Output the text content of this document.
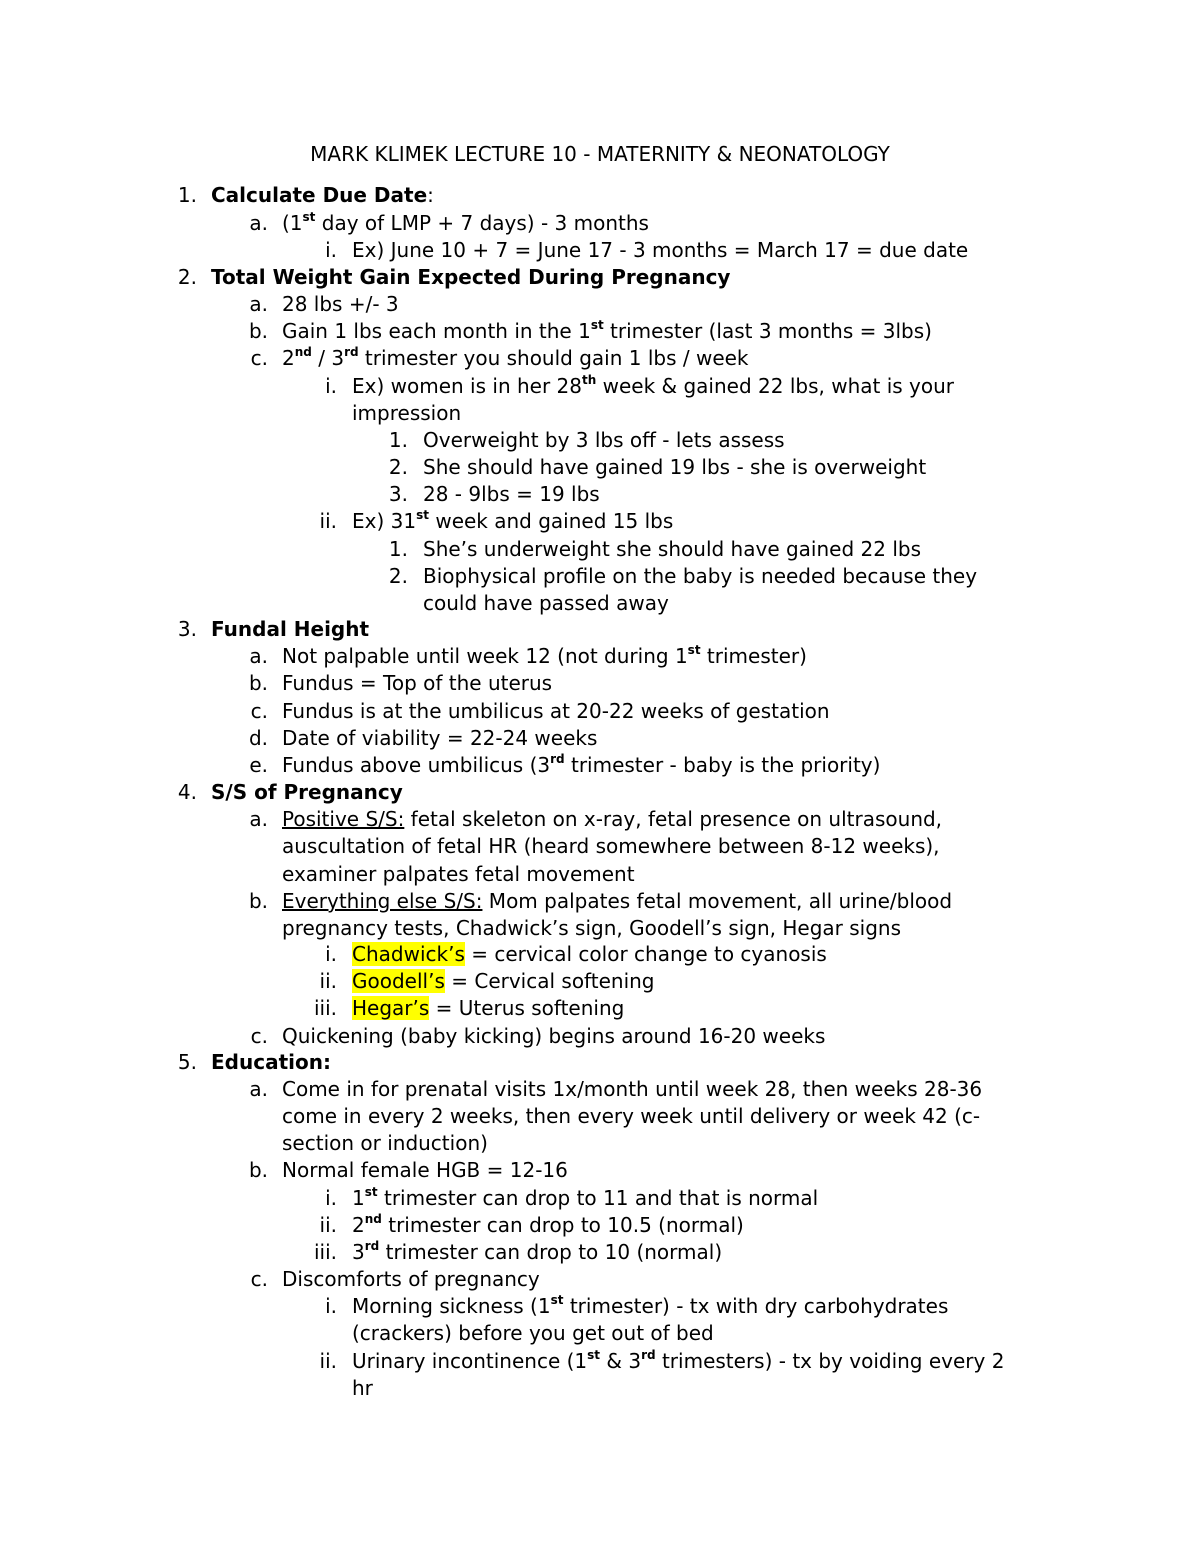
MARK KLIMEK LECTURE 10 - MATERNITY & NEONATOLOGY
1. Calculate Due Date:
a. (1st day of LMP + 7 days) - 3 months
i. Ex) June 10 + 7 = June 17 - 3 months = March 17 = due date
2. Total Weight Gain Expected During Pregnancy
a. 28 lbs +/- 3
b. Gain 1 lbs each month in the 1st trimester (last 3 months = 3lbs)
c. 2nd / 3rd trimester you should gain 1 lbs / week
i. Ex) women is in her 28th week & gained 22 lbs, what is your
impression
1. Overweight by 3 lbs off - lets assess
2. She should have gained 19 lbs - she is overweight
3. 28 - 9lbs = 19 lbs
ii. Ex) 31st week and gained 15 lbs
1. She’s underweight she should have gained 22 lbs
2. Biophysical profile on the baby is needed because they
could have passed away
3. Fundal Height
a. Not palpable until week 12 (not during 1st trimester)
b. Fundus = Top of the uterus
c. Fundus is at the umbilicus at 20-22 weeks of gestation
d. Date of viability = 22-24 weeks
e. Fundus above umbilicus (3rd trimester - baby is the priority)
4. S/S of Pregnancy
a. Positive S/S: fetal skeleton on x-ray, fetal presence on ultrasound,
auscultation of fetal HR (heard somewhere between 8-12 weeks),
examiner palpates fetal movement
b. Everything else S/S: Mom palpates fetal movement, all urine/blood
pregnancy tests, Chadwick’s sign, Goodell’s sign, Hegar signs
i. Chadwick’s = cervical color change to cyanosis
ii. Goodell’s = Cervical softening
iii. Hegar’s = Uterus softening
c. Quickening (baby kicking) begins around 16-20 weeks
5. Education:
a. Come in for prenatal visits 1x/month until week 28, then weeks 28-36
come in every 2 weeks, then every week until delivery or week 42 (c-
section or induction)
b. Normal female HGB = 12-16
i. 1st trimester can drop to 11 and that is normal
ii. 2nd trimester can drop to 10.5 (normal)
iii. 3rd trimester can drop to 10 (normal)
c. Discomforts of pregnancy
i. Morning sickness (1st trimester) - tx with dry carbohydrates
(crackers) before you get out of bed
ii. Urinary incontinence (1st & 3rd trimesters) - tx by voiding every 2
hr
